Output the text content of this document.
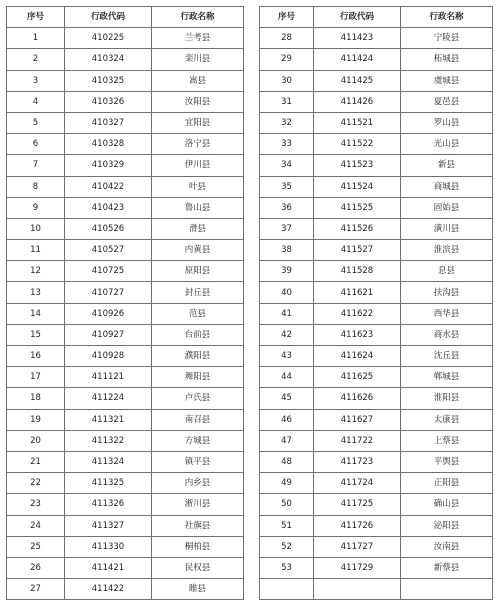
序号	行政代码	行政名称
1	410225	兰考县
2	410324	栾川县
3	410325	嵩县
4	410326	汝阳县
5	410327	宜阳县
6	410328	洛宁县
7	410329	伊川县
8	410422	叶县
9	410423	鲁山县
10	410526	滑县
11	410527	内黄县
12	410725	原阳县
13	410727	封丘县
14	410926	范县
15	410927	台前县
16	410928	濮阳县
17	411121	舞阳县
18	411224	卢氏县
19	411321	南召县
20	411322	方城县
21	411324	镇平县
22	411325	内乡县
23	411326	淅川县
24	411327	社旗县
25	411330	桐柏县
26	411421	民权县
27	411422	睢县
序号	行政代码	行政名称
28	411423	宁陵县
29	411424	柘城县
30	411425	虞城县
31	411426	夏邑县
32	411521	罗山县
33	411522	光山县
34	411523	新县
35	411524	商城县
36	411525	固始县
37	411526	潢川县
38	411527	淮滨县
39	411528	息县
40	411621	扶沟县
41	411622	西华县
42	411623	商水县
43	411624	沈丘县
44	411625	郸城县
45	411626	淮阳县
46	411627	太康县
47	411722	上蔡县
48	411723	平舆县
49	411724	正阳县
50	411725	确山县
51	411726	泌阳县
52	411727	汝南县
53	411729	新蔡县
